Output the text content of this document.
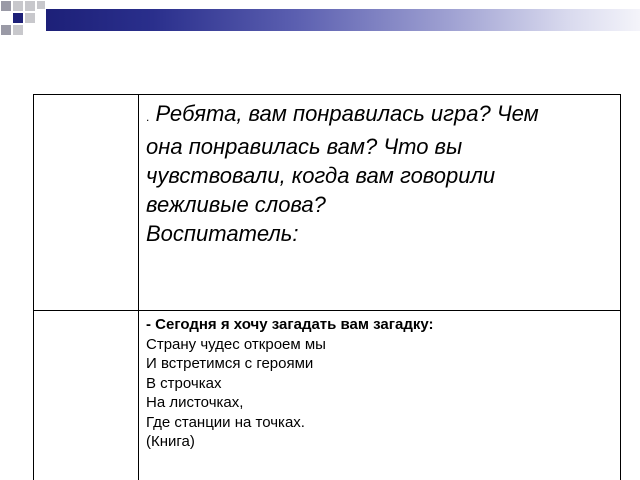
. Ребята, вам понравилась игра? Чем
она понравилась вам? Что вы
чувствовали, когда вам говорили
вежливые слова?
Воспитатель:
- Сегодня я хочу загадать вам загадку:
Страну чудес откроем мы
И встретимся с героями
В строчках
На листочках,
Где станции на точках.
(Книга)
